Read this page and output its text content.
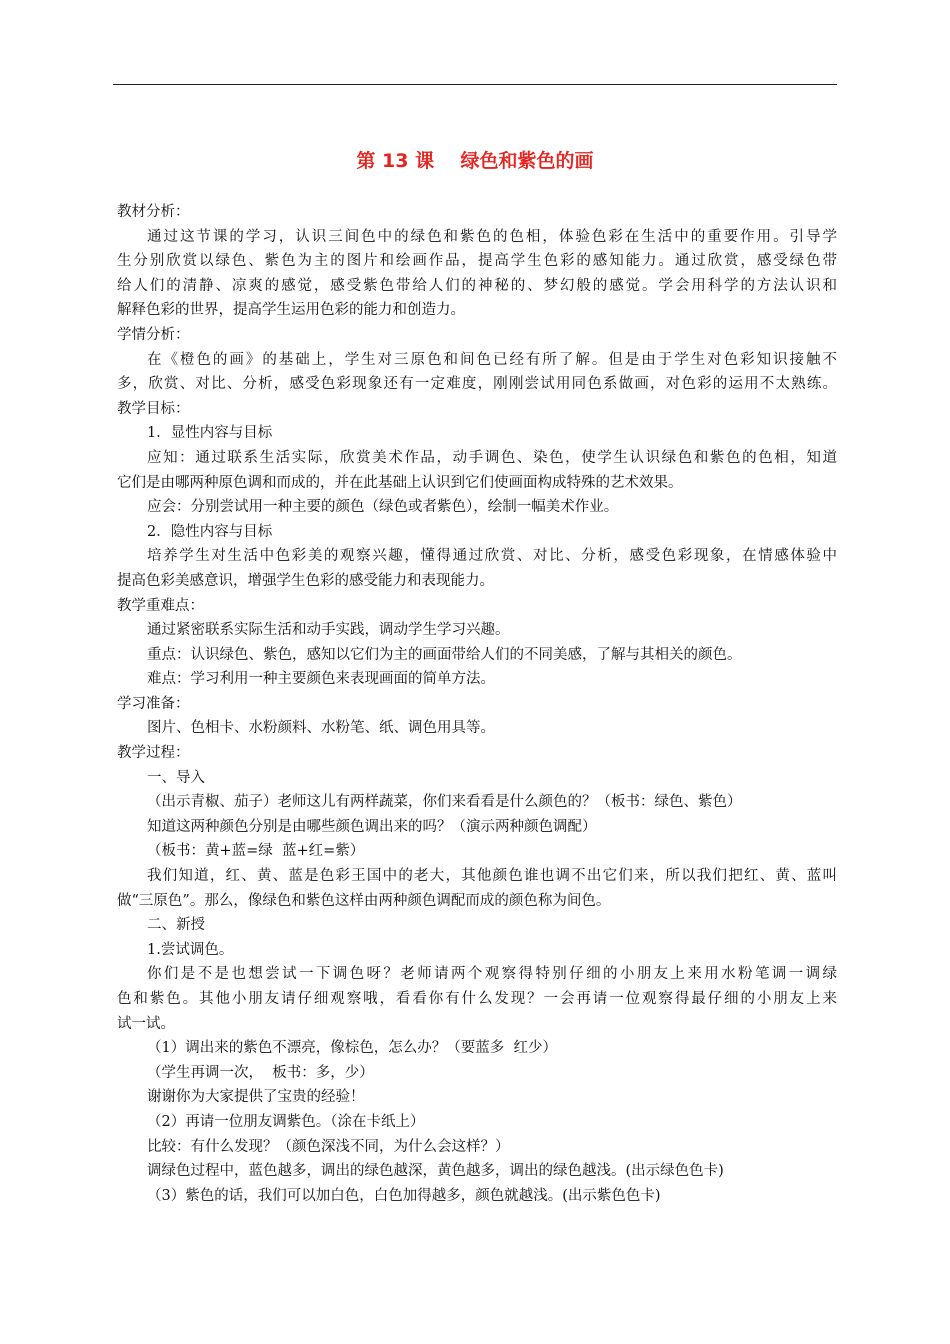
第 13 课    绿色和紫色的画
教材分析：
通过这节课的学习，认识三间色中的绿色和紫色的色相，体验色彩在生活中的重要作用。引导学
生分别欣赏以绿色、紫色为主的图片和绘画作品，提高学生色彩的感知能力。通过欣赏，感受绿色带
给人们的清静、凉爽的感觉，感受紫色带给人们的神秘的、梦幻般的感觉。学会用科学的方法认识和
解释色彩的世界，提高学生运用色彩的能力和创造力。
学情分析：
在《橙色的画》的基础上，学生对三原色和间色已经有所了解。但是由于学生对色彩知识接触不
多，欣赏、对比、分析，感受色彩现象还有一定难度，刚刚尝试用同色系做画，对色彩的运用不太熟练。
教学目标：
1．显性内容与目标
应知：通过联系生活实际，欣赏美术作品，动手调色、染色，使学生认识绿色和紫色的色相，知道
它们是由哪两种原色调和而成的，并在此基础上认识到它们使画面构成特殊的艺术效果。
应会：分别尝试用一种主要的颜色（绿色或者紫色），绘制一幅美术作业。
2．隐性内容与目标
培养学生对生活中色彩美的观察兴趣，懂得通过欣赏、对比、分析，感受色彩现象，在情感体验中
提高色彩美感意识，增强学生色彩的感受能力和表现能力。
教学重难点：
通过紧密联系实际生活和动手实践，调动学生学习兴趣。
重点：认识绿色、紫色，感知以它们为主的画面带给人们的不同美感，了解与其相关的颜色。
难点：学习利用一种主要颜色来表现画面的简单方法。
学习准备：
图片、色相卡、水粉颜料、水粉笔、纸、调色用具等。
教学过程：
一、导入
（出示青椒、茄子）老师这儿有两样蔬菜，你们来看看是什么颜色的？（板书：绿色、紫色）
知道这两种颜色分别是由哪些颜色调出来的吗？（演示两种颜色调配）
（板书：黄+蓝=绿  蓝+红=紫）
我们知道，红、黄、蓝是色彩王国中的老大，其他颜色谁也调不出它们来，所以我们把红、黄、蓝叫
做“三原色”。那么，像绿色和紫色这样由两种颜色调配而成的颜色称为间色。
二、新授
1.尝试调色。
你们是不是也想尝试一下调色呀？老师请两个观察得特别仔细的小朋友上来用水粉笔调一调绿
色和紫色。其他小朋友请仔细观察哦，看看你有什么发现？一会再请一位观察得最仔细的小朋友上来
试一试。
（1）调出来的紫色不漂亮，像棕色，怎么办？（要蓝多  红少）
（学生再调一次，  板书：多，少）
谢谢你为大家提供了宝贵的经验！
（2）再请一位朋友调紫色。（涂在卡纸上）
比较：有什么发现？（颜色深浅不同，为什么会这样？）
调绿色过程中，蓝色越多，调出的绿色越深，黄色越多，调出的绿色越浅。(出示绿色色卡)
（3）紫色的话，我们可以加白色，白色加得越多，颜色就越浅。(出示紫色色卡)
